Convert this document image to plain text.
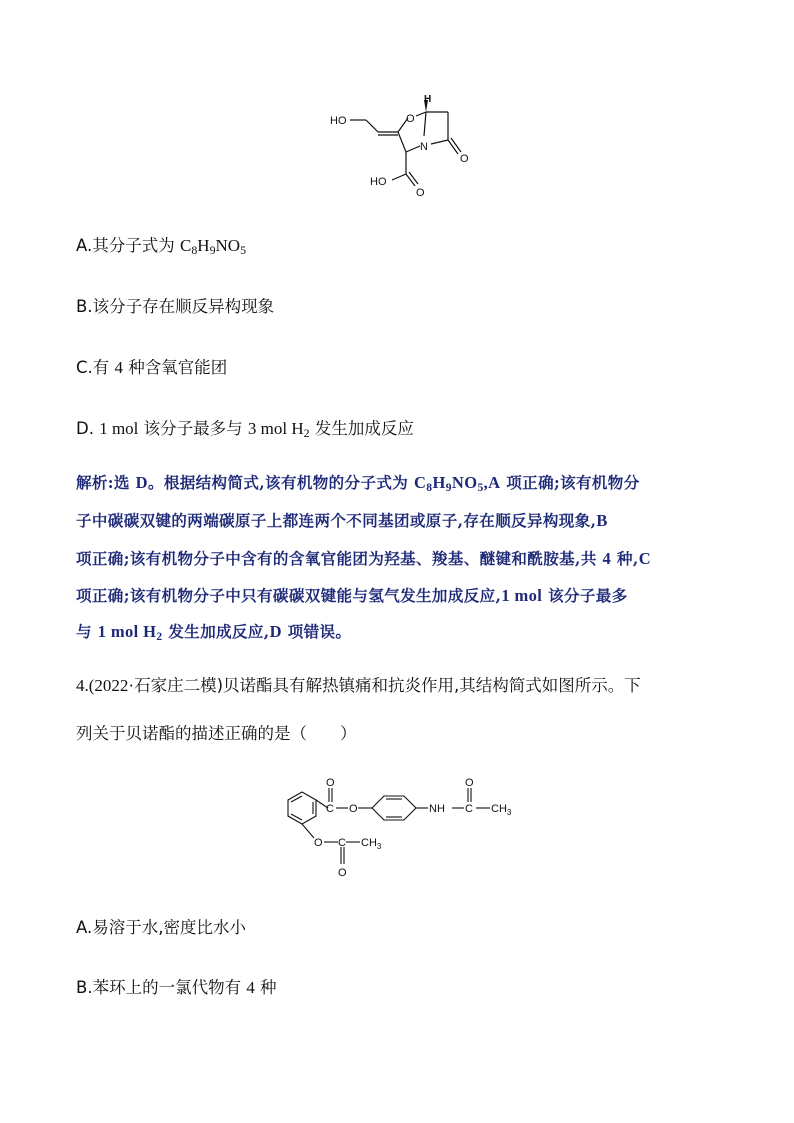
HO	O
H
N
O
HO
O
A.其分子式为 $C_8H_9NO_5$
B.该分子存在顺反异构现象
C.有 4 种含氧官能团
D. 1 mol 该分子最多与 3 mol $H_2$ 发生加成反应
解析:选 D。根据结构简式,该有机物的分子式为 $C_8H_9NO_5,A$ 项正确;该有机物分
子中碳碳双键的两端碳原子上都连两个不同基团或原子,存在顺反异构现象,B
项正确;该有机物分子中含有的含氧官能团为羟基、羧基、醚键和酰胺基,共 4 种,C
项正确;该有机物分子中只有碳碳双键能与氢气发生加成反应,1 mol 该分子最多
与 1 mol $H_2$ 发生加成反应,D 项错误。
4.(2022·石家庄二模)贝诺酯具有解热镇痛和抗炎作用,其结构简式如图所示。下
列关于贝诺酯的描述正确的是（　　）
O
C O	NH C
O
$CH_3$
O C $CH_3$
O
A.易溶于水,密度比水小
B.苯环上的一氯代物有 4 种
